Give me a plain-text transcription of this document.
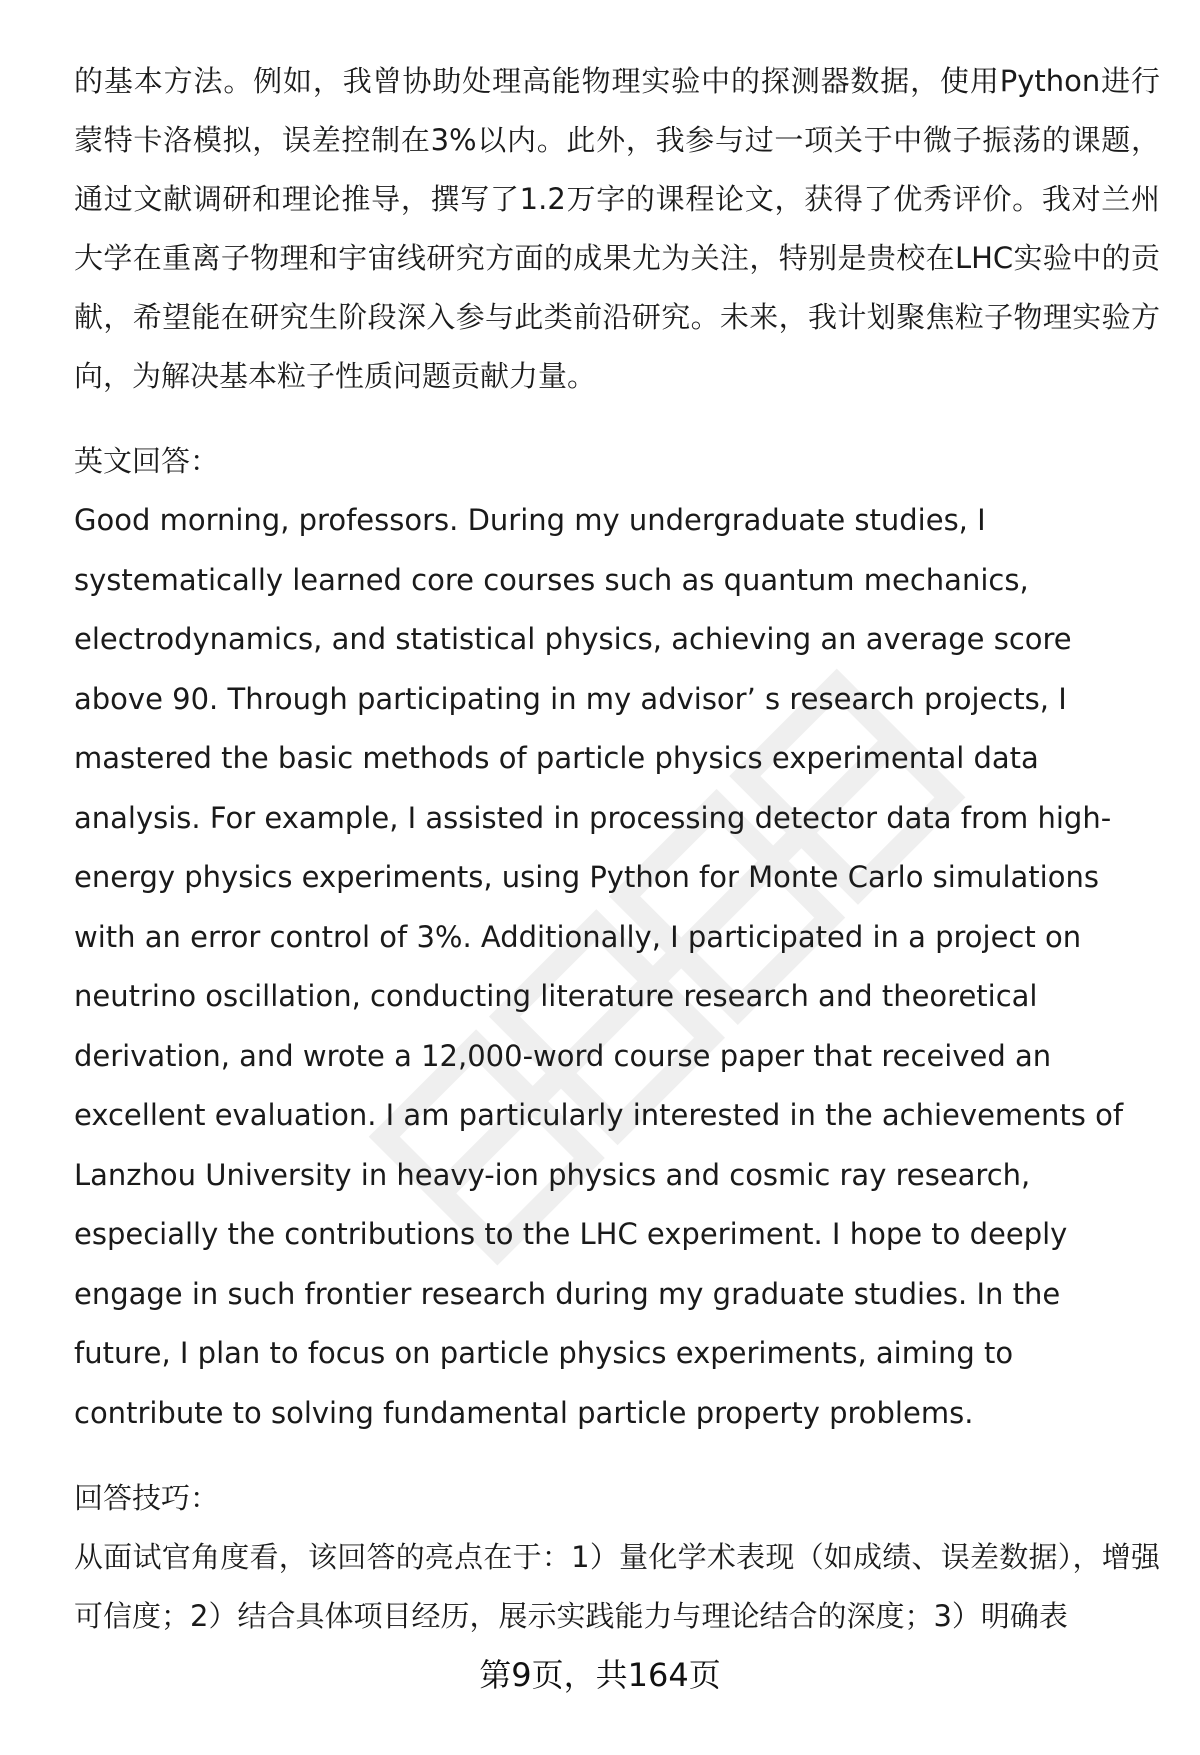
的基本方法。例如，我曾协助处理高能物理实验中的探测器数据，使用Python进行蒙特卡洛模拟，误差控制在3%以内。此外，我参与过一项关于中微子振荡的课题，通过文献调研和理论推导，撰写了1.2万字的课程论文，获得了优秀评价。我对兰州大学在重离子物理和宇宙线研究方面的成果尤为关注，特别是贵校在LHC实验中的贡献，希望能在研究生阶段深入参与此类前沿研究。未来，我计划聚焦粒子物理实验方向，为解决基本粒子性质问题贡献力量。

英文回答：

Good morning, professors. During my undergraduate studies, I systematically learned core courses such as quantum mechanics, electrodynamics, and statistical physics, achieving an average score above 90. Through participating in my advisor’ s research projects, I mastered the basic methods of particle physics experimental data analysis. For example, I assisted in processing detector data from high-energy physics experiments, using Python for Monte Carlo simulations with an error control of 3%. Additionally, I participated in a project on neutrino oscillation, conducting literature research and theoretical derivation, and wrote a 12,000-word course paper that received an excellent evaluation. I am particularly interested in the achievements of Lanzhou University in heavy-ion physics and cosmic ray research, especially the contributions to the LHC experiment. I hope to deeply engage in such frontier research during my graduate studies. In the future, I plan to focus on particle physics experiments, aiming to contribute to solving fundamental particle property problems.

回答技巧：

从面试官角度看，该回答的亮点在于：1）量化学术表现（如成绩、误差数据），增强可信度；2）结合具体项目经历，展示实践能力与理论结合的深度；3）明确表

第9页，共164页
